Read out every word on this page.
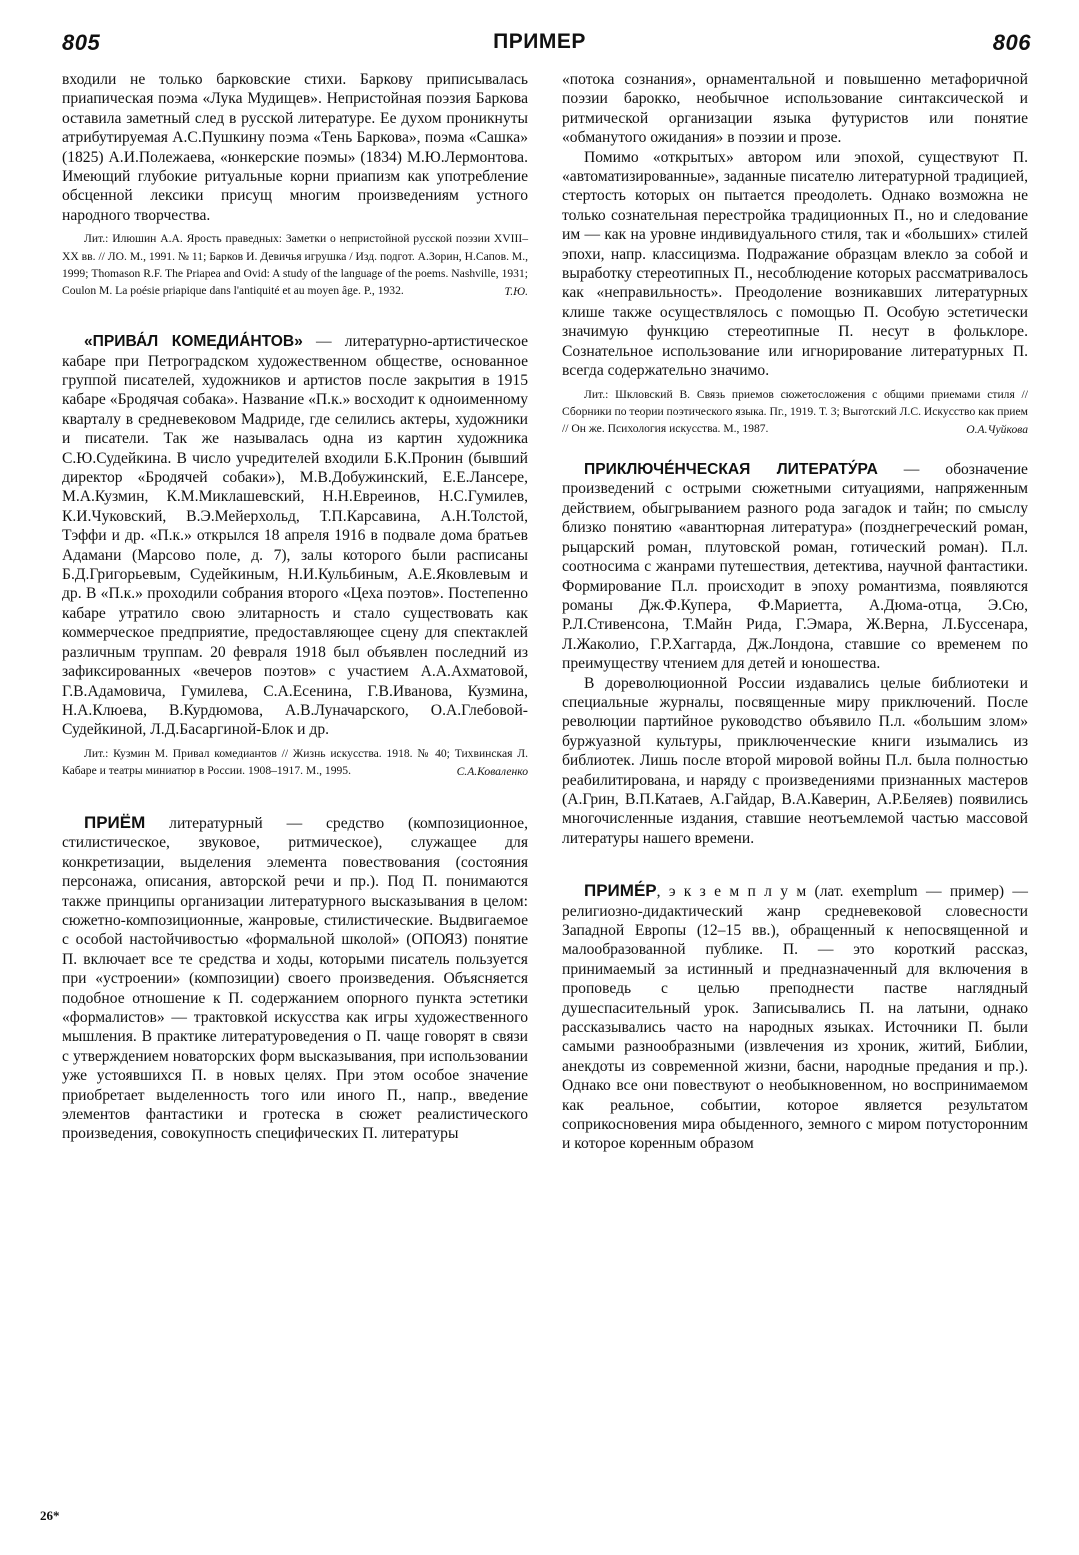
805	ПРИМЕР	806

входили не только барковские стихи. Баркову приписывалась приапическая поэма «Лука Мудищев». Непристойная поэзия Баркова оставила заметный след в русской литературе. Ее духом проникнуты атрибутируемая А.С.Пушкину поэма «Тень Баркова», поэма «Сашка» (1825) А.И.Полежаева, «юнкерские поэмы» (1834) М.Ю.Лермонтова. Имеющий глубокие ритуальные корни приапизм как употребление обсценной лексики присущ многим произведениям устного народного творчества.

Лит.: Илюшин А.А. Ярость праведных: Заметки о непристойной русской поэзии XVIII–XX вв. // ЛО. М., 1991. № 11; Барков И. Девичья игрушка / Изд. подгот. А.Зорин, Н.Сапов. М., 1999; Thomason R.F. The Priapea and Ovid: A study of the language of the poems. Nashville, 1931; Coulon M. La poésie priapique dans l'antiquité et au moyen âge. P., 1932.	Т.Ю.

«ПРИВА́Л КОМЕДИА́НТОВ» — литературно-артистическое кабаре при Петроградском художественном обществе, основанное группой писателей, художников и артистов после закрытия в 1915 кабаре «Бродячая собака». Название «П.к.» восходит к одноименному кварталу в средневековом Мадриде, где селились актеры, художники и писатели. Так же называлась одна из картин художника С.Ю.Судейкина. В число учредителей входили Б.К.Пронин (бывший директор «Бродячей собаки»), М.В.Добужинский, Е.Е.Лансере, М.А.Кузмин, К.М.Миклашевский, Н.Н.Евреинов, Н.С.Гумилев, К.И.Чуковский, В.Э.Мейерхольд, Т.П.Карсавина, А.Н.Толстой, Тэффи и др. «П.к.» открылся 18 апреля 1916 в подвале дома братьев Адамани (Марсово поле, д. 7), залы которого были расписаны Б.Д.Григорьевым, Судейкиным, Н.И.Кульбиным, А.Е.Яковлевым и др. В «П.к.» проходили собрания второго «Цеха поэтов». Постепенно кабаре утратило свою элитарность и стало существовать как коммерческое предприятие, предоставляющее сцену для спектаклей различным труппам. 20 февраля 1918 был объявлен последний из зафиксированных «вечеров поэтов» с участием А.А.Ахматовой, Г.В.Адамовича, Гумилева, С.А.Есенина, Г.В.Иванова, Кузмина, Н.А.Клюева, В.Курдюмова, А.В.Луначарского, О.А.Глебовой-Судейкиной, Л.Д.Басаргиной-Блок и др.

Лит.: Кузмин М. Привал комедиантов // Жизнь искусства. 1918. № 40; Тихвинская Л. Кабаре и театры миниатюр в России. 1908–1917. М., 1995.	С.А.Коваленко

ПРИЁМ литературный — средство (композиционное, стилистическое, звуковое, ритмическое), служащее для конкретизации, выделения элемента повествования (состояния персонажа, описания, авторской речи и пр.). Под П. понимаются также принципы организации литературного высказывания в целом: сюжетно-композиционные, жанровые, стилистические. Выдвигаемое с особой настойчивостью «формальной школой» (ОПОЯЗ) понятие П. включает все те средства и ходы, которыми писатель пользуется при «устроении» (композиции) своего произведения. Объясняется подобное отношение к П. содержанием опорного пункта эстетики «формалистов» — трактовкой искусства как игры художественного мышления. В практике литературоведения о П. чаще говорят в связи с утверждением новаторских форм высказывания, при использовании уже устоявшихся П. в новых целях. При этом особое значение приобретает выделенность того или иного П., напр., введение элементов фантастики и гротеска в сюжет реалистического произведения, совокупность специфических П. литературы

«потока сознания», орнаментальной и повышенно метафоричной поэзии барокко, необычное использование синтаксической и ритмической организации языка футуристов или понятие «обманутого ожидания» в поэзии и прозе.

Помимо «открытых» автором или эпохой, существуют П. «автоматизированные», заданные писателю литературной традицией, стертость которых он пытается преодолеть. Однако возможна не только сознательная перестройка традиционных П., но и следование им — как на уровне индивидуального стиля, так и «больших» стилей эпохи, напр. классицизма. Подражание образцам влекло за собой и выработку стереотипных П., несоблюдение которых рассматривалось как «неправильность». Преодоление возникавших литературных клише также осуществлялось с помощью П. Особую эстетически значимую функцию стереотипные П. несут в фольклоре. Сознательное использование или игнорирование литературных П. всегда содержательно значимо.

Лит.: Шкловский В. Связь приемов сюжетосложения с общими приемами стиля // Сборники по теории поэтического языка. Пг., 1919. Т. 3; Выготский Л.С. Искусство как прием // Он же. Психология искусства. М., 1987.	О.А.Чуйкова

ПРИКЛЮЧЕ́НЧЕСКАЯ ЛИТЕРАТУ́РА — обозначение произведений с острыми сюжетными ситуациями, напряженным действием, обыгрыванием разного рода загадок и тайн; по смыслу близко понятию «авантюрная литература» (позднегреческий роман, рыцарский роман, плутовской роман, готический роман). П.л. соотносима с жанрами путешествия, детектива, научной фантастики. Формирование П.л. происходит в эпоху романтизма, появляются романы Дж.Ф.Купера, Ф.Мариетта, А.Дюма-отца, Э.Сю, Р.Л.Стивенсона, Т.Майн Рида, Г.Эмара, Ж.Верна, Л.Буссенара, Л.Жаколио, Г.Р.Хаггарда, Дж.Лондона, ставшие со временем по преимуществу чтением для детей и юношества.

В дореволюционной России издавались целые библиотеки и специальные журналы, посвященные миру приключений. После революции партийное руководство объявило П.л. «большим злом» буржуазной культуры, приключенческие книги изымались из библиотек. Лишь после второй мировой войны П.л. была полностью реабилитирована, и наряду с произведениями признанных мастеров (А.Грин, В.П.Катаев, А.Гайдар, В.А.Каверин, А.Р.Беляев) появились многочисленные издания, ставшие неотъемлемой частью массовой литературы нашего времени.

ПРИМЕ́Р, э к з е м п л у м (лат. exemplum — пример) — религиозно-дидактический жанр средневековой словесности Западной Европы (12–15 вв.), обращенный к непосвященной и малообразованной публике. П. — это короткий рассказ, принимаемый за истинный и предназначенный для включения в проповедь с целью преподнести пастве наглядный душеспасительный урок. Записывались П. на латыни, однако рассказывались часто на народных языках. Источники П. были самыми разнообразными (извлечения из хроник, житий, Библии, анекдоты из современной жизни, басни, народные предания и пр.). Однако все они повествуют о необыкновенном, но воспринимаемом как реальное, событии, которое является результатом соприкосновения мира обыденного, земного с миром потусторонним и которое коренным образом

26*
